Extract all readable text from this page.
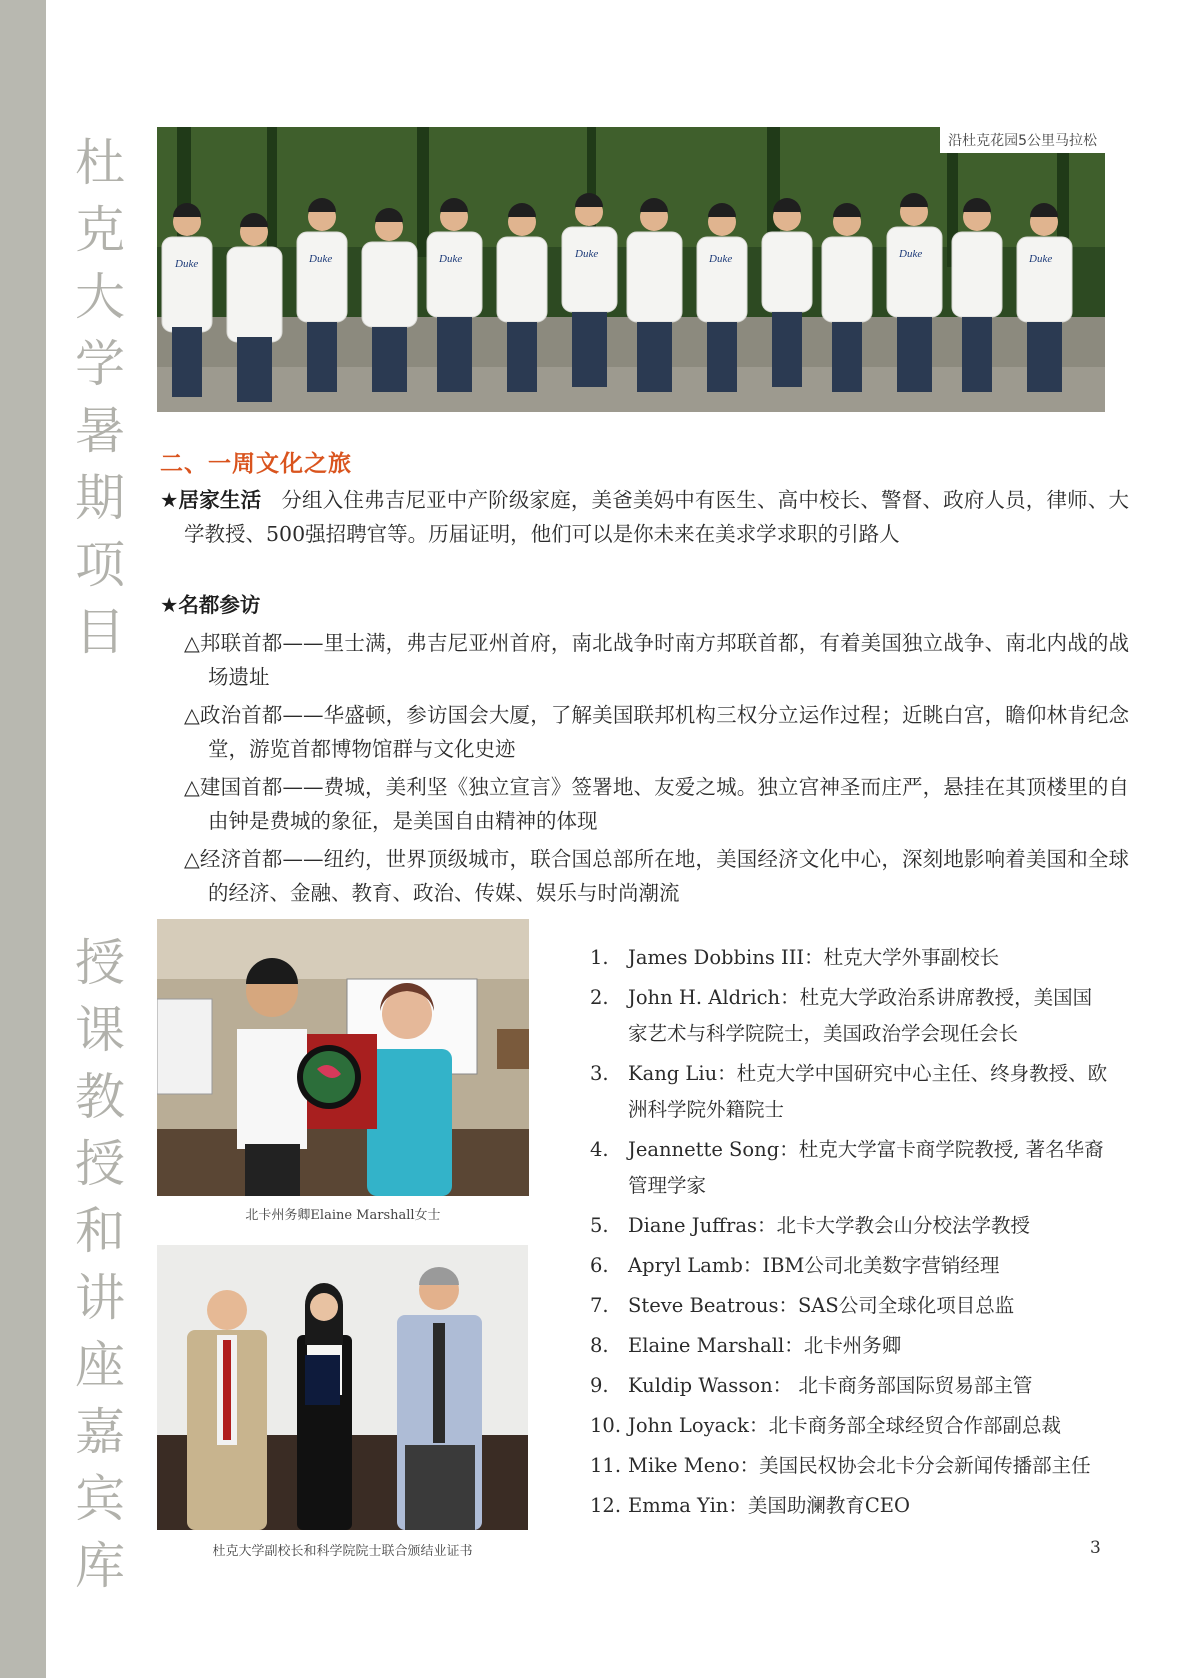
杜克大学暑期项目
授课教授和讲座嘉宾库
Duke	Duke	Duke	Duke	Duke	Duke	Duke
沿杜克花园5公里马拉松
二、一周文化之旅
★居家生活 分组入住弗吉尼亚中产阶级家庭，美爸美妈中有医生、高中校长、警督、政府人员，律师、大学教授、500强招聘官等。历届证明，他们可以是你未来在美求学求职的引路人
★名都参访
△邦联首都——里士满，弗吉尼亚州首府，南北战争时南方邦联首都，有着美国独立战争、南北内战的战场遗址
△政治首都——华盛顿，参访国会大厦，了解美国联邦机构三权分立运作过程；近眺白宫，瞻仰林肯纪念堂，游览首都博物馆群与文化史迹
△建国首都——费城，美利坚《独立宣言》签署地、友爱之城。独立宫神圣而庄严，悬挂在其顶楼里的自由钟是费城的象征，是美国自由精神的体现
△经济首都——纽约，世界顶级城市，联合国总部所在地，美国经济文化中心，深刻地影响着美国和全球的经济、金融、教育、政治、传媒、娱乐与时尚潮流
北卡州务卿Elaine Marshall女士
杜克大学副校长和科学院院士联合颁结业证书
1. James Dobbins III：杜克大学外事副校长
2. John H. Aldrich：杜克大学政治系讲席教授，美国国家艺术与科学院院士，美国政治学会现任会长
3. Kang Liu：杜克大学中国研究中心主任、终身教授、欧洲科学院外籍院士
4. Jeannette Song：杜克大学富卡商学院教授, 著名华裔管理学家
5. Diane Juffras：北卡大学教会山分校法学教授
6. Apryl Lamb：IBM公司北美数字营销经理
7. Steve Beatrous：SAS公司全球化项目总监
8. Elaine Marshall：北卡州务卿
9. Kuldip Wasson： 北卡商务部国际贸易部主管
10. John Loyack：北卡商务部全球经贸合作部副总裁
11. Mike Meno：美国民权协会北卡分会新闻传播部主任
12. Emma Yin：美国助澜教育CEO
3
